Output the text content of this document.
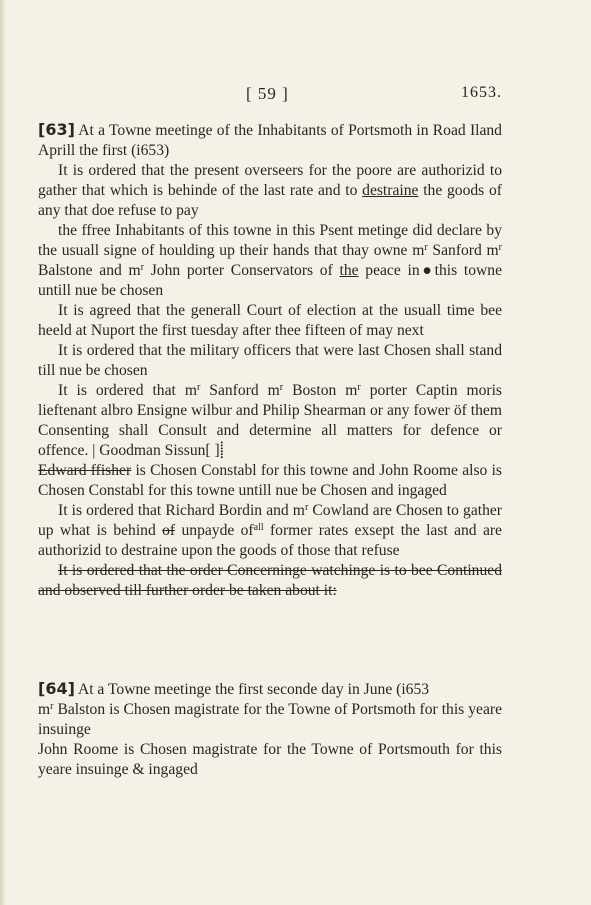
[ 59 ]	1653.
[63] At a Towne meetinge of the Inhabitants of Portsmoth in Road Iland Aprill the first (i653)
It is ordered that the present overseers for the poore are authorizid to gather that which is behinde of the last rate and to destraine the goods of any that doe refuse to pay
the ffree Inhabitants of this towne in this Psent metinge did declare by the usuall signe of houlding up their hands that thay owne $m^r$ Sanford $m^r$ Balstone and $m^r$ John porter Conservators of the peace in●this towne untill nue be chosen
It is agreed that the generall Court of election at the usuall time bee heeld at Nuport the first tuesday after thee fifteen of may next
It is ordered that the military officers that were last Chosen shall stand till nue be chosen
It is ordered that $m^r$ Sanford $m^r$ Boston $m^r$ porter Captin moris lieftenant albro Ensigne wilbur and Philip Shearman or any fower öf them Consenting shall Consult and determine all matters for defence or offence. | Goodman Sissun[ ]⸽
Edward ffisher is Chosen Constabl for this towne and John Roome also is Chosen Constabl for this towne untill nue be Chosen and ingaged
It is ordered that Richard Bordin and $m^r$ Cowland are Chosen to gather up what is behind of unpayde $of^{all}$ former rates exsept the last and are authorizid to destraine upon the goods of those that refuse
It is ordered that the order Concerninge watchinge is to bee Continued and observed till further order be taken about it:
[64] At a Towne meetinge the first seconde day in June (i653
$m^r$ Balston is Chosen magistrate for the Towne of Portsmoth for this yeare insuinge
John Roome is Chosen magistrate for the Towne of Portsmouth for this yeare insuinge & ingaged
